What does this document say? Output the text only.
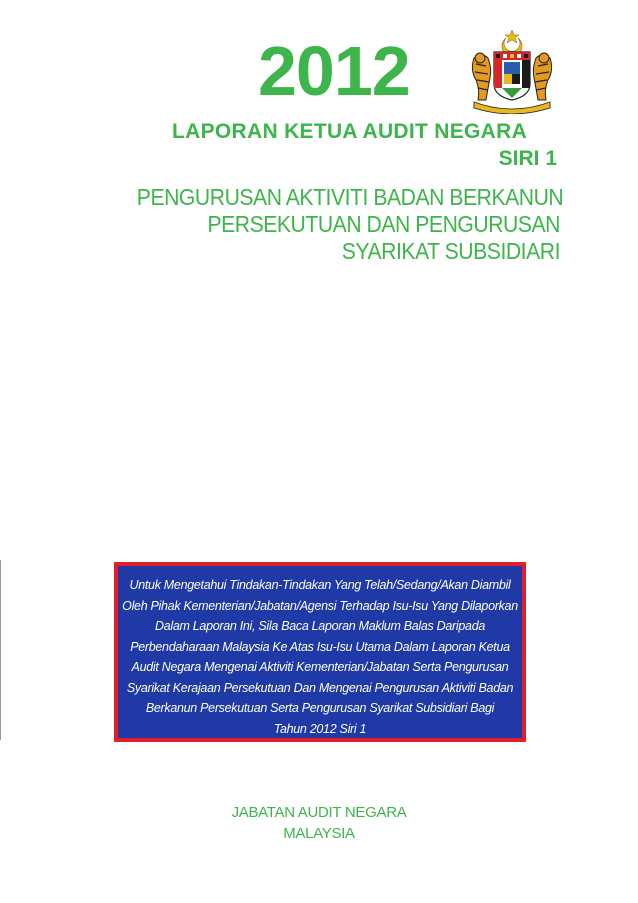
2012
LAPORAN KETUA AUDIT NEGARA
SIRI 1
PENGURUSAN AKTIVITI BADAN BERKANUN
PERSEKUTUAN DAN PENGURUSAN
SYARIKAT SUBSIDIARI
Untuk Mengetahui Tindakan-Tindakan Yang Telah/Sedang/Akan Diambil
Oleh Pihak Kementerian/Jabatan/Agensi Terhadap Isu-Isu Yang Dilaporkan
Dalam Laporan Ini, Sila Baca Laporan Maklum Balas Daripada
Perbendaharaan Malaysia Ke Atas Isu-Isu Utama Dalam Laporan Ketua
Audit Negara Mengenai Aktiviti Kementerian/Jabatan Serta Pengurusan
Syarikat Kerajaan Persekutuan Dan Mengenai Pengurusan Aktiviti Badan
Berkanun Persekutuan Serta Pengurusan Syarikat Subsidiari Bagi
Tahun 2012 Siri 1
JABATAN AUDIT NEGARA
MALAYSIA
